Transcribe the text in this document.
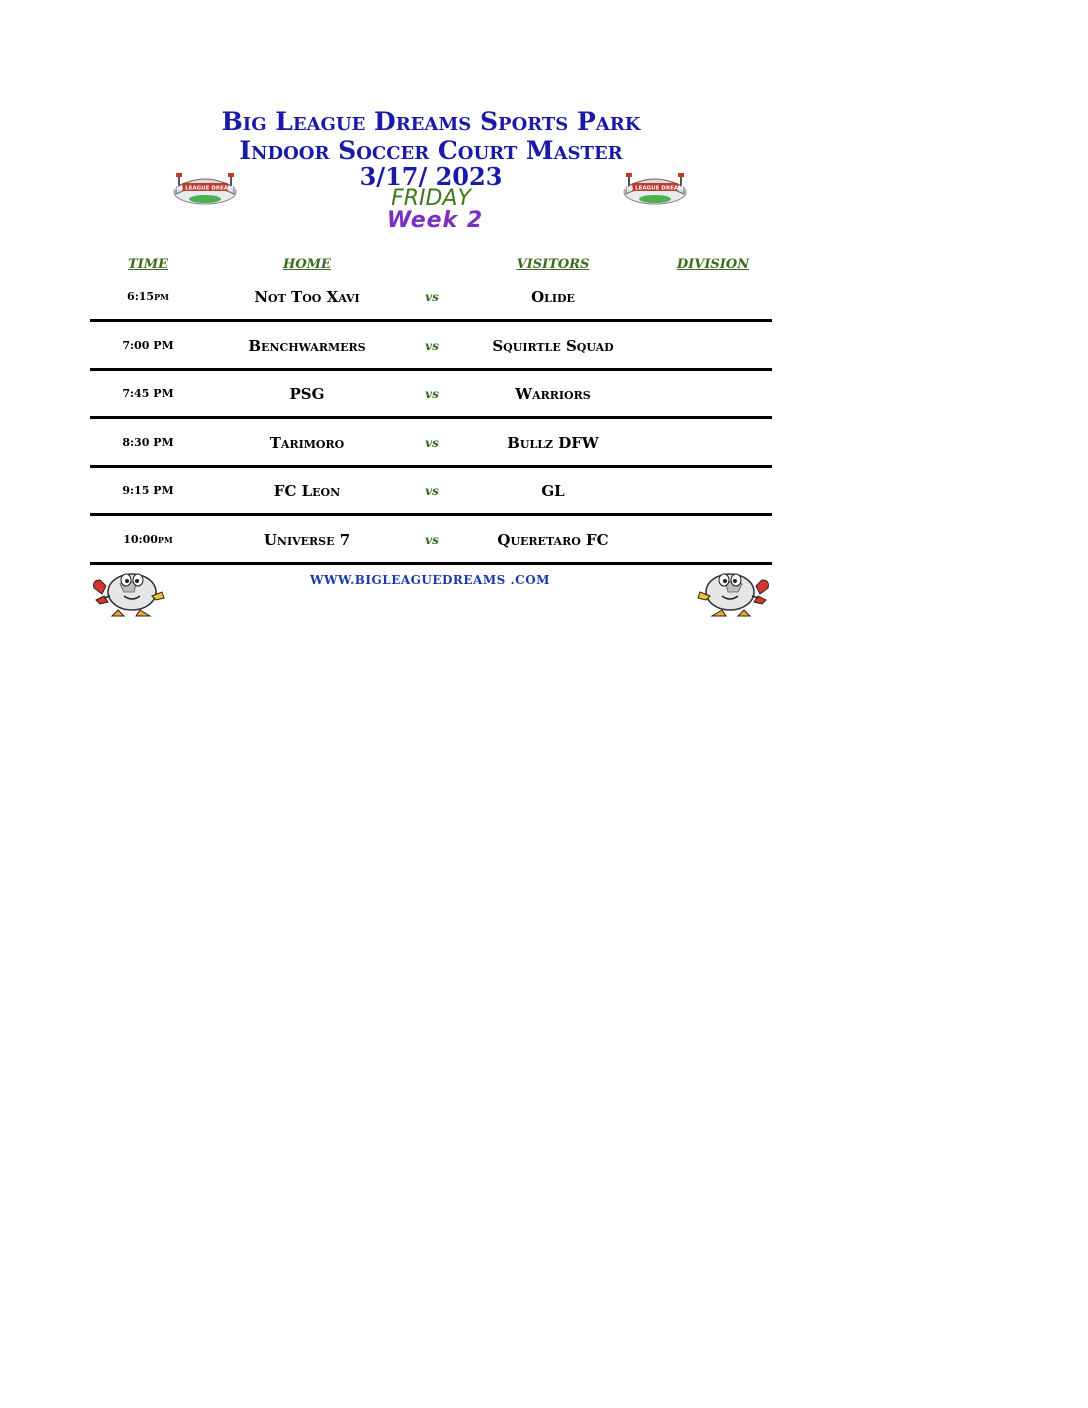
Big League Dreams Sports Park
Indoor Soccer Court Master
3/17/ 2023
FRIDAY
Week 2
BIG LEAGUE DREAMS	BIG LEAGUE DREAMS
TIME	HOME	VISITORS	DIVISION
6:15pm	Not Too Xavi	vs	Olide
7:00 PM	Benchwarmers	vs	Squirtle Squad
7:45 PM	PSG	vs	Warriors
8:30 PM	Tarimoro	vs	Bullz DFW
9:15 PM	FC Leon	vs	GL
10:00pm	Universe 7	vs	Queretaro FC
WWW.BIGLEAGUEDREAMS .COM
